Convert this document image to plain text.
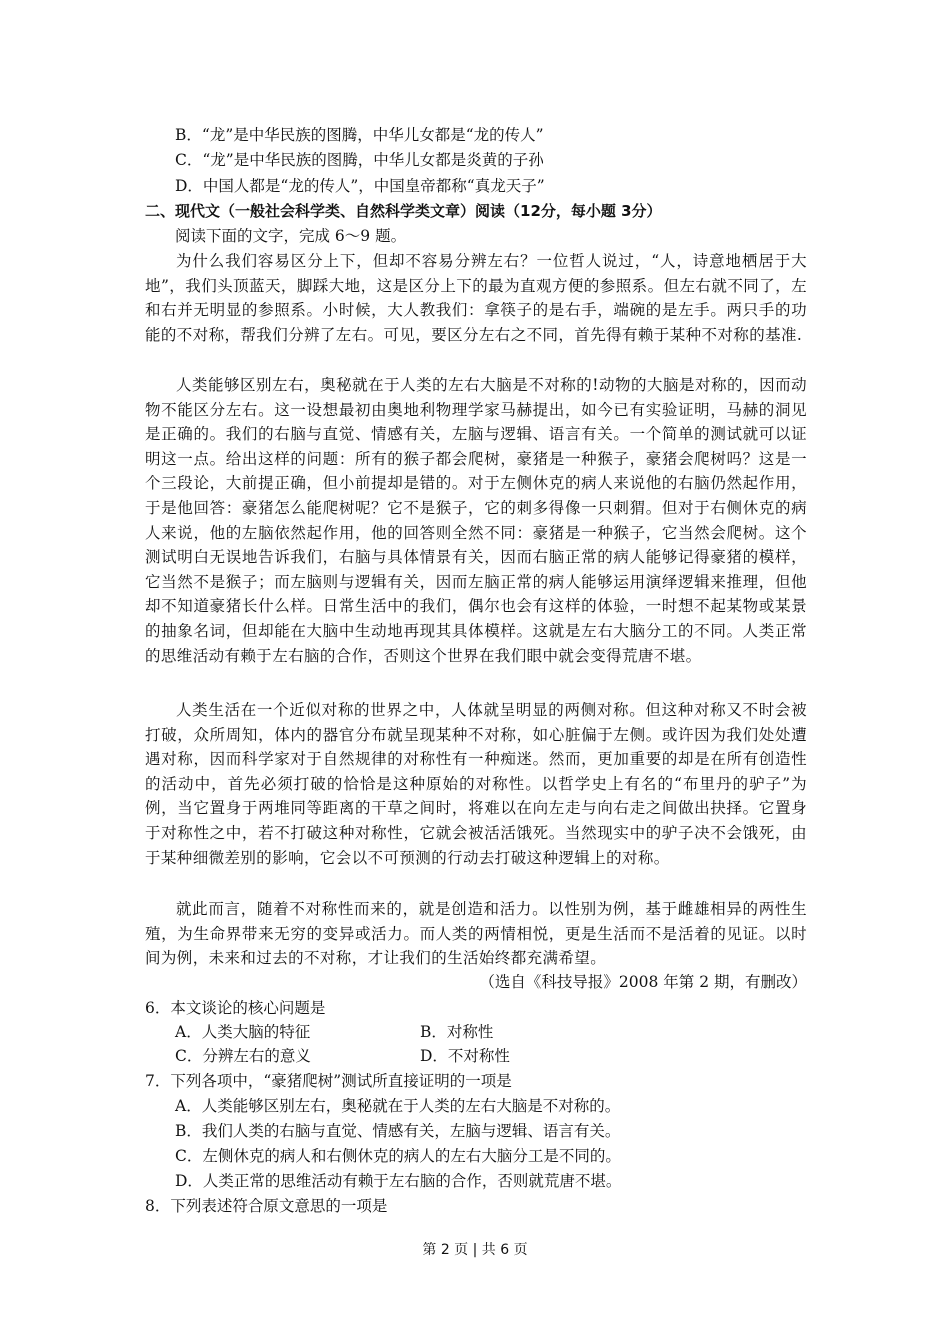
B．“龙”是中华民族的图腾，中华儿女都是“龙的传人”
C．“龙”是中华民族的图腾，中华儿女都是炎黄的子孙
D．中国人都是“龙的传人”，中国皇帝都称“真龙天子”
二、现代文（一般社会科学类、自然科学类文章）阅读（12分，每小题 3分）
阅读下面的文字，完成 6～9 题。
为什么我们容易区分上下，但却不容易分辨左右？一位哲人说过，“人，诗意地栖居于大地”，我们头顶蓝天，脚踩大地，这是区分上下的最为直观方便的参照系。但左右就不同了，左和右并无明显的参照系。小时候，大人教我们：拿筷子的是右手，端碗的是左手。两只手的功能的不对称，帮我们分辨了左右。可见，要区分左右之不同，首先得有赖于某种不对称的基准.
人类能够区别左右，奥秘就在于人类的左右大脑是不对称的!动物的大脑是对称的，因而动物不能区分左右。这一设想最初由奥地利物理学家马赫提出，如今已有实验证明，马赫的洞见是正确的。我们的右脑与直觉、情感有关，左脑与逻辑、语言有关。一个简单的测试就可以证明这一点。给出这样的问题：所有的猴子都会爬树，豪猪是一种猴子，豪猪会爬树吗？这是一个三段论，大前提正确，但小前提却是错的。对于左侧休克的病人来说他的右脑仍然起作用，于是他回答：豪猪怎么能爬树呢？它不是猴子，它的刺多得像一只刺猬。但对于右侧休克的病人来说，他的左脑依然起作用，他的回答则全然不同：豪猪是一种猴子，它当然会爬树。这个测试明白无误地告诉我们，右脑与具体情景有关，因而右脑正常的病人能够记得豪猪的模样，它当然不是猴子；而左脑则与逻辑有关，因而左脑正常的病人能够运用演绎逻辑来推理，但他却不知道豪猪长什么样。日常生活中的我们，偶尔也会有这样的体验，一时想不起某物或某景的抽象名词，但却能在大脑中生动地再现其具体模样。这就是左右大脑分工的不同。人类正常的思维活动有赖于左右脑的合作，否则这个世界在我们眼中就会变得荒唐不堪。
人类生活在一个近似对称的世界之中，人体就呈明显的两侧对称。但这种对称又不时会被打破，众所周知，体内的器官分布就呈现某种不对称，如心脏偏于左侧。或许因为我们处处遭遇对称，因而科学家对于自然规律的对称性有一种痴迷。然而，更加重要的却是在所有创造性的活动中，首先必须打破的恰恰是这种原始的对称性。以哲学史上有名的“布里丹的驴子”为例，当它置身于两堆同等距离的干草之间时，将难以在向左走与向右走之间做出抉择。它置身于对称性之中，若不打破这种对称性，它就会被活活饿死。当然现实中的驴子决不会饿死，由于某种细微差别的影响，它会以不可预测的行动去打破这种逻辑上的对称。
就此而言，随着不对称性而来的，就是创造和活力。以性别为例，基于雌雄相异的两性生殖，为生命界带来无穷的变异或活力。而人类的两情相悦，更是生活而不是活着的见证。以时间为例，未来和过去的不对称，才让我们的生活始终都充满希望。
（选自《科技导报》2008 年第 2 期，有删改）
6．本文谈论的核心问题是
A．人类大脑的特征	B．对称性
C．分辨左右的意义	D．不对称性
7．下列各项中，“豪猪爬树”测试所直接证明的一项是
A．人类能够区别左右，奥秘就在于人类的左右大脑是不对称的。
B．我们人类的右脑与直觉、情感有关，左脑与逻辑、语言有关。
C．左侧休克的病人和右侧休克的病人的左右大脑分工是不同的。
D．人类正常的思维活动有赖于左右脑的合作，否则就荒唐不堪。
8．下列表述符合原文意思的一项是
第 2 页 | 共 6 页
